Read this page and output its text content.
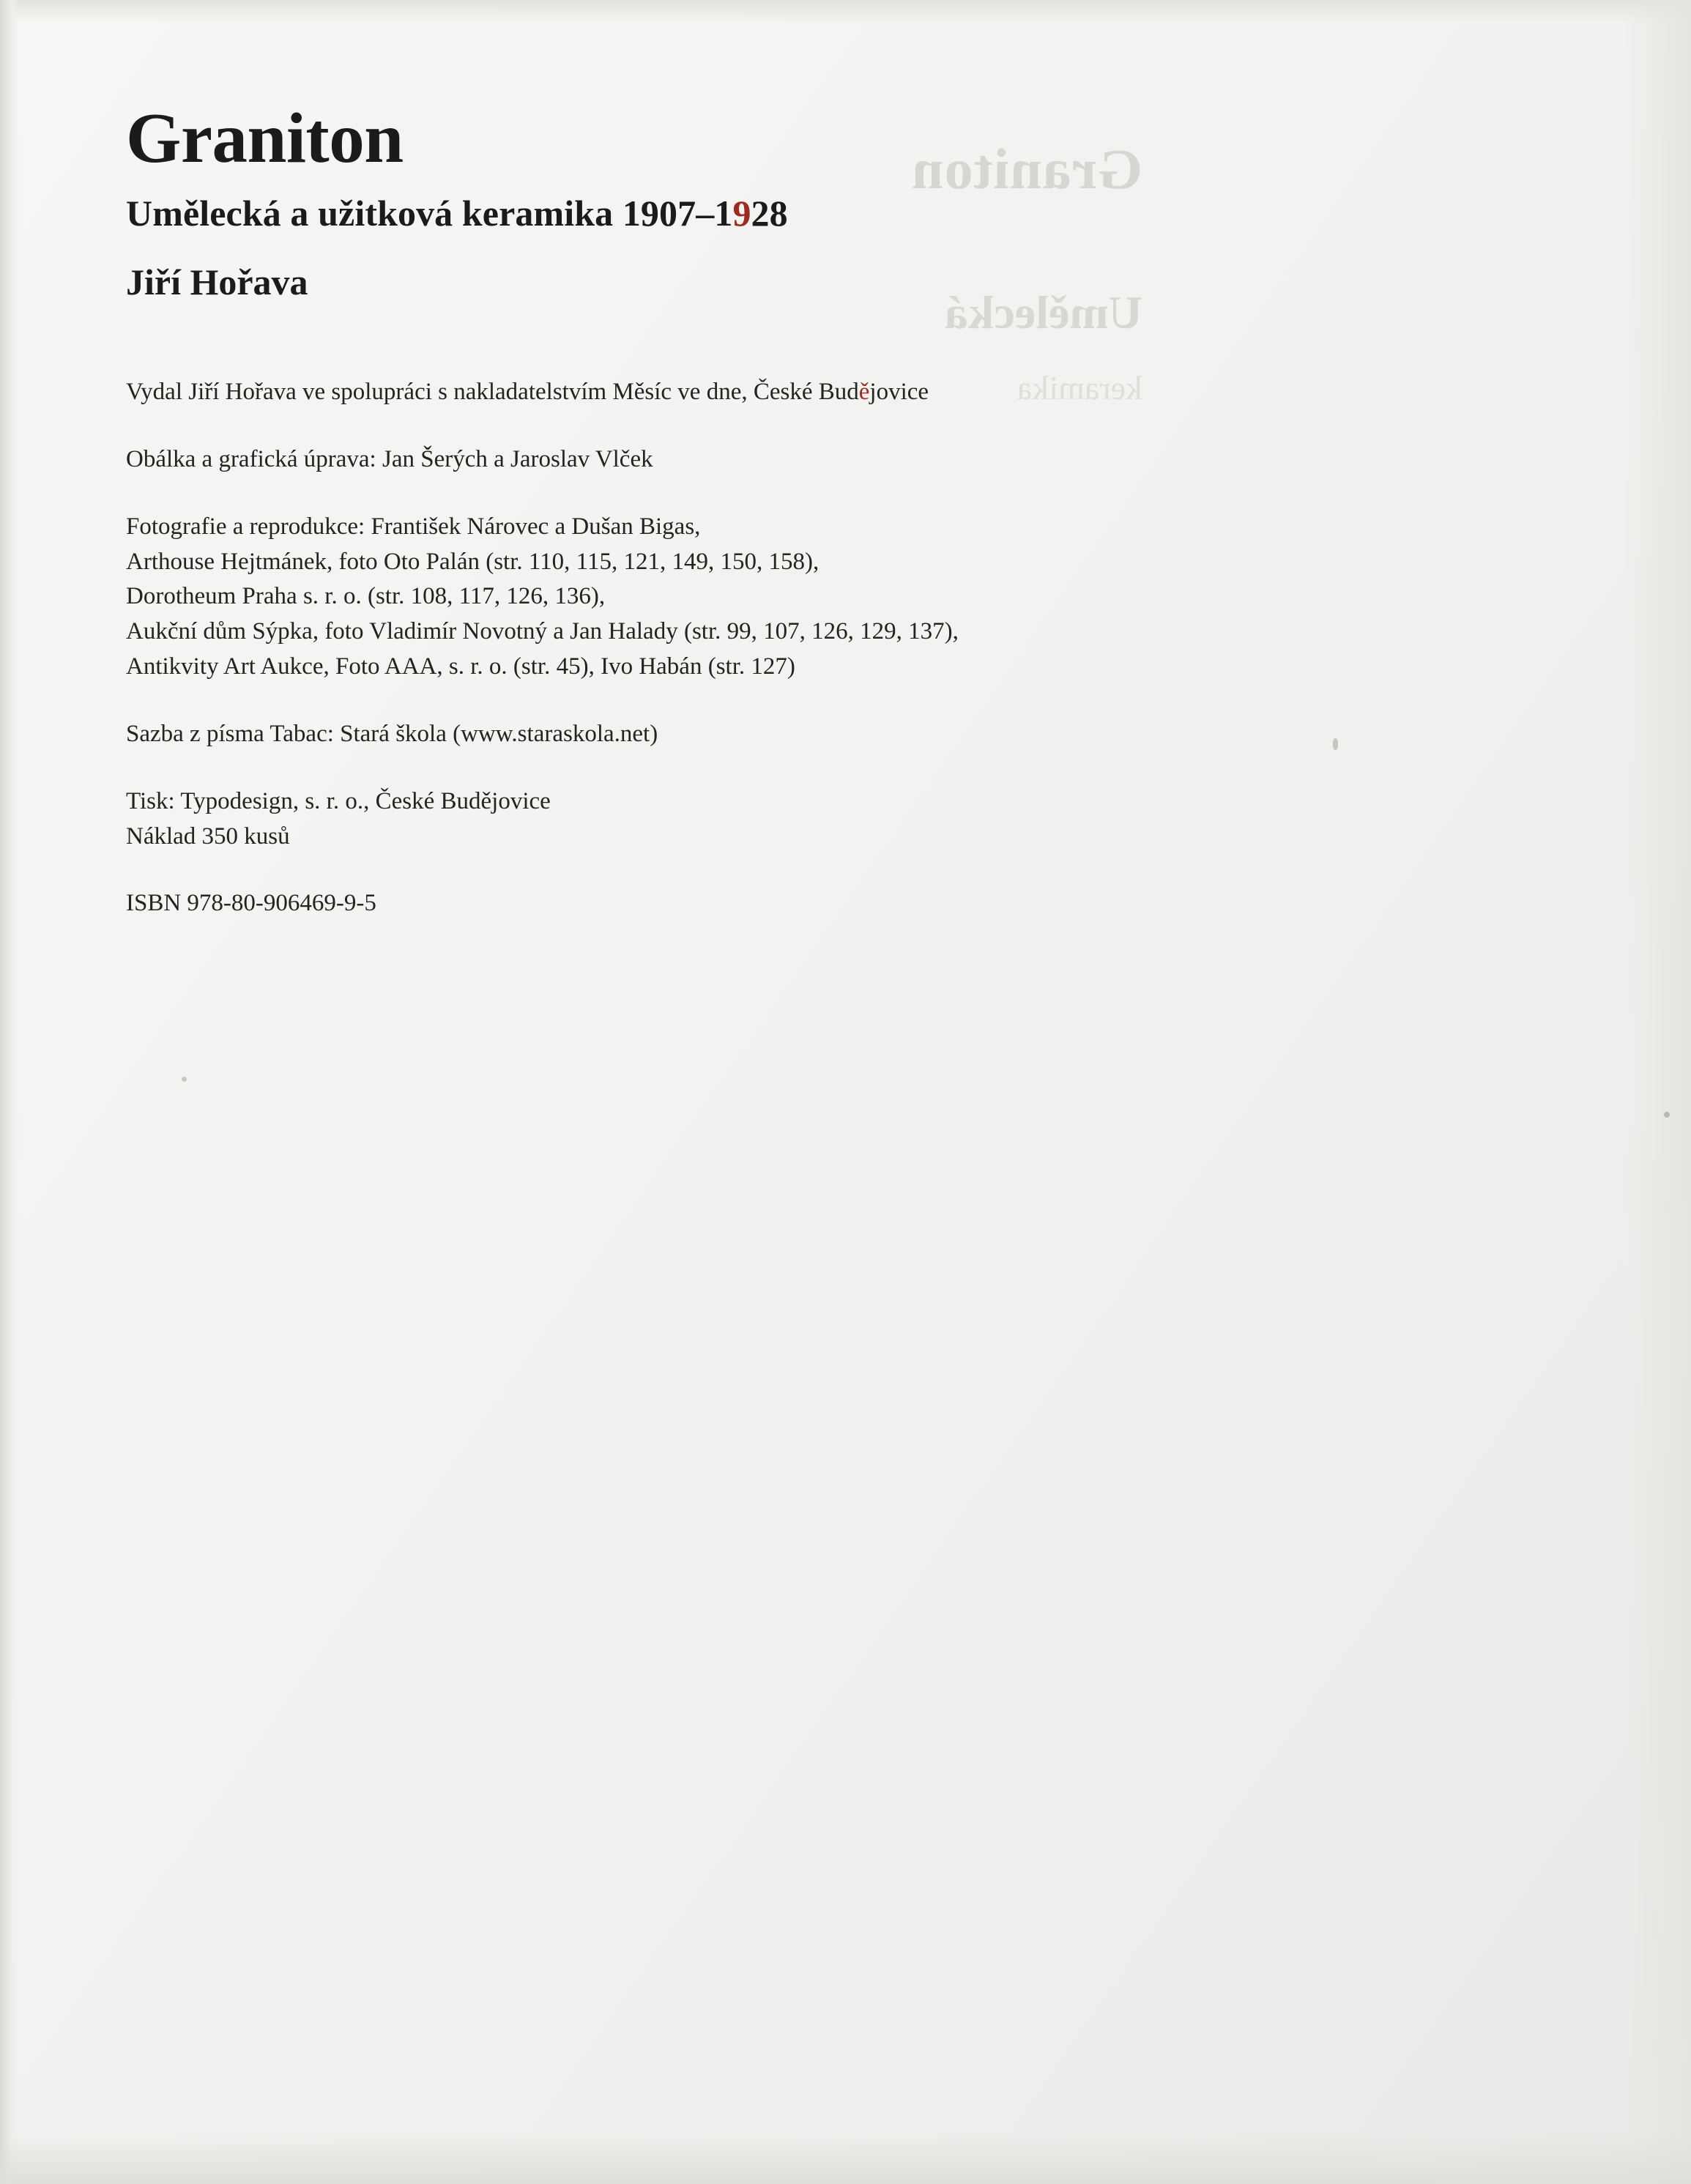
Graniton
Umělecká
keramika
Graniton
Umělecká a užitková keramika 1907–1928
Jiří Hořava
Vydal Jiří Hořava ve spolupráci s nakladatelstvím Měsíc ve dne, České Budějovice
Obálka a grafická úprava: Jan Šerých a Jaroslav Vlček
Fotografie a reprodukce: František Nárovec a Dušan Bigas,
Arthouse Hejtmánek, foto Oto Palán (str. 110, 115, 121, 149, 150, 158),
Dorotheum Praha s. r. o. (str. 108, 117, 126, 136),
Aukční dům Sýpka, foto Vladimír Novotný a Jan Halady (str. 99, 107, 126, 129, 137),
Antikvity Art Aukce, Foto AAA, s. r. o. (str. 45), Ivo Habán (str. 127)
Sazba z písma Tabac: Stará škola (www.staraskola.net)
Tisk: Typodesign, s. r. o., České Budějovice
Náklad 350 kusů
ISBN 978-80-906469-9-5
